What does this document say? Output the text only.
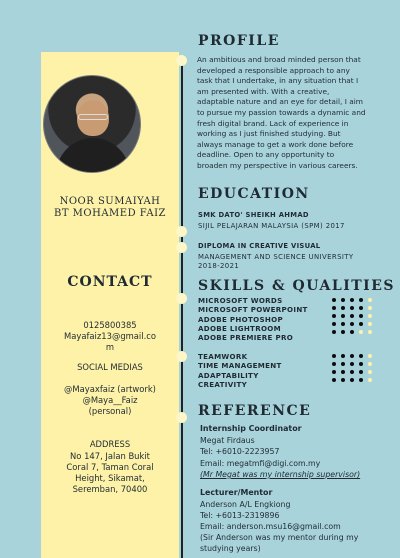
NOOR SUMAIYAH
BT MOHAMED FAIZ
CONTACT
0125800385
Mayafaiz13@gmail.co
m
SOCIAL MEDIAS
@Mayaxfaiz (artwork)
@Maya__Faiz
(personal)
ADDRESS
No 147, Jalan Bukit
Coral 7, Taman Coral
Height, Sikamat,
Seremban, 70400
PROFILE
An ambitious and broad minded person that
developed a responsible approach to any
task that I undertake, in any situation that I
am presented with. With a creative,
adaptable nature and an eye for detail, I aim
to pursue my passion towards a dynamic and
fresh digital brand. Lack of experience in
working as I just finished studying. But
always manage to get a work done before
deadline. Open to any opportunity to
broaden my perspective in various careers.
EDUCATION
SMK DATO' SHEIKH AHMAD
SIJIL PELAJARAN MALAYSIA (SPM) 2017
DIPLOMA IN CREATIVE VISUAL
MANAGEMENT AND SCIENCE UNIVERSITY
2018-2021
SKILLS & QUALITIES
MICROSOFT WORDS
MICROSOFT POWERPOINT
ADOBE PHOTOSHOP
ADOBE LIGHTROOM
ADOBE PREMIERE PRO
TEAMWORK
TIME MANAGEMENT
ADAPTABILITY
CREATIVITY
REFERENCE
Internship Coordinator
Megat Firdaus
Tel: +6010-2223957
Email: megatmfi@digi.com.my
(Mr Megat was my internship supervisor)
Lecturer/Mentor
Anderson A/L Engkiong
Tel: +6013-2319896
Email: anderson.msu16@gmail.com
(Sir Anderson was my mentor during my
studying years)
